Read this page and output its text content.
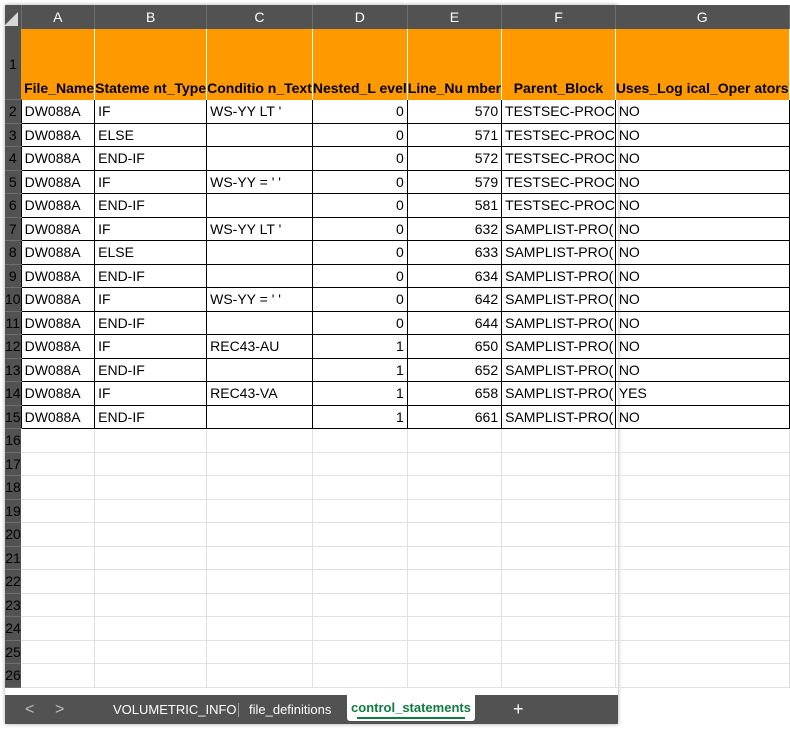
	A	B	C	D	E	F	G
1	File_Name	Stateme nt_Type	Conditio n_Text	Nested_L evel	Line_Nu mber	Parent_Block	Uses_Log ical_Oper ators
2	DW088A	IF	WS-YY LT '	0	570	TESTSEC-PROC	NO
3	DW088A	ELSE		0	571	TESTSEC-PROC	NO
4	DW088A	END-IF		0	572	TESTSEC-PROC	NO
5	DW088A	IF	WS-YY = ' '	0	579	TESTSEC-PROC	NO
6	DW088A	END-IF		0	581	TESTSEC-PROC	NO
7	DW088A	IF	WS-YY LT '	0	632	SAMPLIST-PRO(	NO
8	DW088A	ELSE		0	633	SAMPLIST-PRO(	NO
9	DW088A	END-IF		0	634	SAMPLIST-PRO(	NO
10	DW088A	IF	WS-YY = ' '	0	642	SAMPLIST-PRO(	NO
11	DW088A	END-IF		0	644	SAMPLIST-PRO(	NO
12	DW088A	IF	REC43-AU	1	650	SAMPLIST-PRO(	NO
13	DW088A	END-IF		1	652	SAMPLIST-PRO(	NO
14	DW088A	IF	REC43-VA	1	658	SAMPLIST-PRO(	YES
15	DW088A	END-IF		1	661	SAMPLIST-PRO(	NO
16							
17							
18							
19							
20							
21							
22							
23							
24							
25							
26							
< >	VOLUMETRIC_INFO file_definitions	control_statements +
